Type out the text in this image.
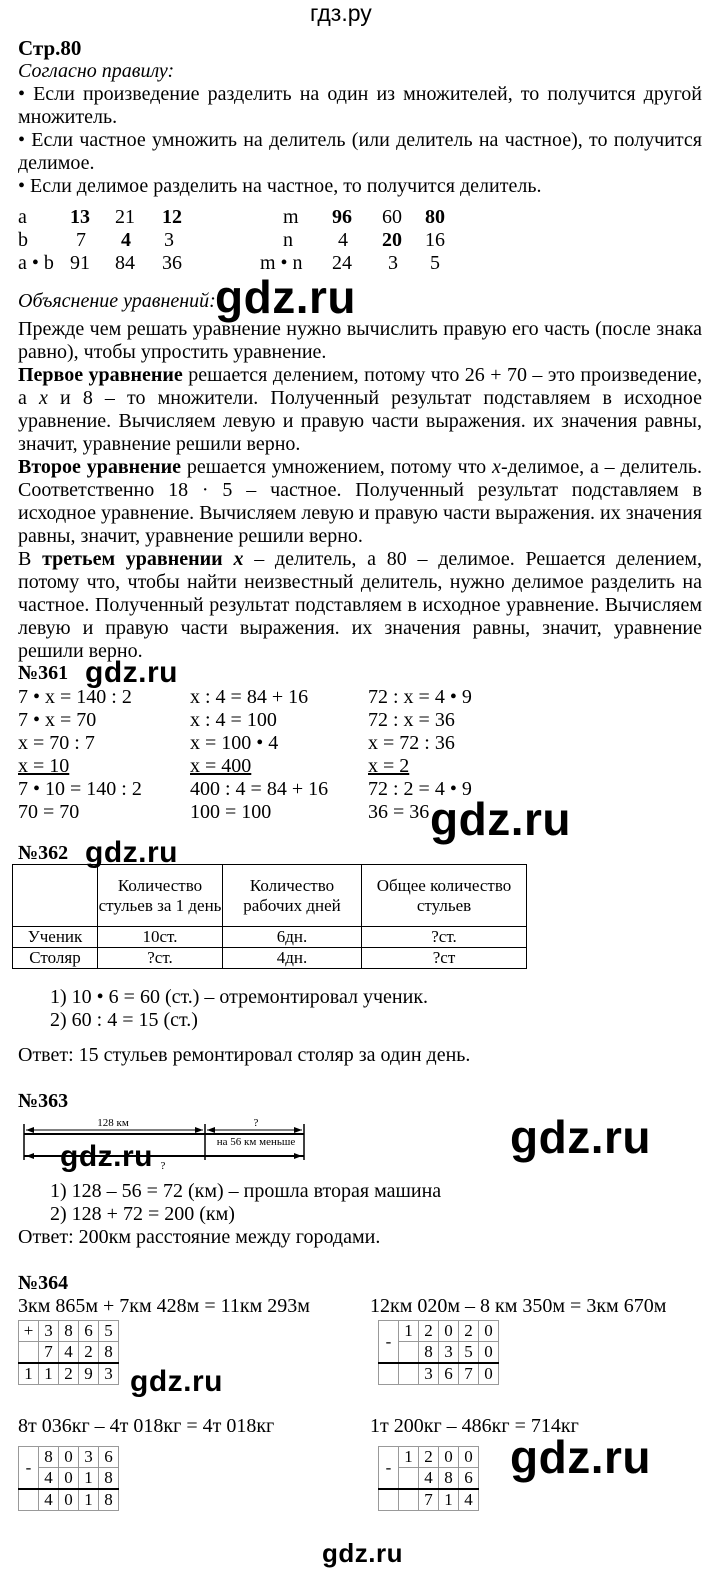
гдз.ру
Стр.80
Согласно правилу:
• Если произведение разделить на один из множителей, то получится другой множитель.
• Если частное умножить на делитель (или делитель на частное), то получится делимое.
• Если делимое разделить на частное, то получится делитель.
a 13 21 12
b 7 4 3
a • b 91 84 36
m 96 60 80
n 4 20 16
m • n 24 3 5
Объяснение уравнений:
Прежде чем решать уравнение нужно вычислить правую его часть (после знака равно), чтобы упростить уравнение.
Первое уравнение решается делением, потому что 26 + 70 – это произведение, а x и 8 – то множители. Полученный результат подставляем в исходное уравнение. Вычисляем левую и правую части выражения. их значения равны, значит, уравнение решили верно.
Второе уравнение решается умножением, потому что x-делимое, а – делитель. Соответственно 18 · 5 – частное. Полученный результат подставляем в исходное уравнение. Вычисляем левую и правую части выражения. их значения равны, значит, уравнение решили верно.
В третьем уравнении x – делитель, а 80 – делимое. Решается делением, потому что, чтобы найти неизвестный делитель, нужно делимое разделить на частное. Полученный результат подставляем в исходное уравнение. Вычисляем левую и правую части выражения. их значения равны, значит, уравнение решили верно.
№361
7 • x = 140 : 2
7 • x = 70
x = 70 : 7
x = 10
7 • 10 = 140 : 2
70 = 70
x : 4 = 84 + 16
x : 4 = 100
x = 100 • 4
x = 400
400 : 4 = 84 + 16
100 = 100
72 : x = 4 • 9
72 : x = 36
x = 72 : 36
x = 2
72 : 2 = 4 • 9
36 = 36
№362
	Количество стульев за 1 день	Количество рабочих дней	Общее количество стульев
Ученик	10ст.	6дн.	?ст.
Столяр	?ст.	4дн.	?ст
1) 10 • 6 = 60 (ст.) – отремонтировал ученик.
2) 60 : 4 = 15 (ст.)
Ответ: 15 стульев ремонтировал столяр за один день.
№363
128 км	?
на 56 км меньше
?
1) 128 – 56 = 72 (км) – прошла вторая машина
2) 128 + 72 = 200 (км)
Ответ: 200км расстояние между городами.
№364
3км 865м + 7км 428м = 11км 293м	12км 020м – 8 км 350м = 3км 670м
8т 036кг – 4т 018кг = 4т 018кг	1т 200кг – 486кг = 714кг
+	3	8	6	5
	7	4	2	8
1	1	2	9	3
-	1	2	0	2	0
		8	3	5	0
		3	6	7	0
-	8	0	3	6
	4	0	1	8
	4	0	1	8
-	1	2	0	0
		4	8	6
		7	1	4
gdz.ru
gdz.ru
gdz.ru
gdz.ru
gdz.ru
gdz.ru
gdz.ru
gdz.ru
gdz.ru
